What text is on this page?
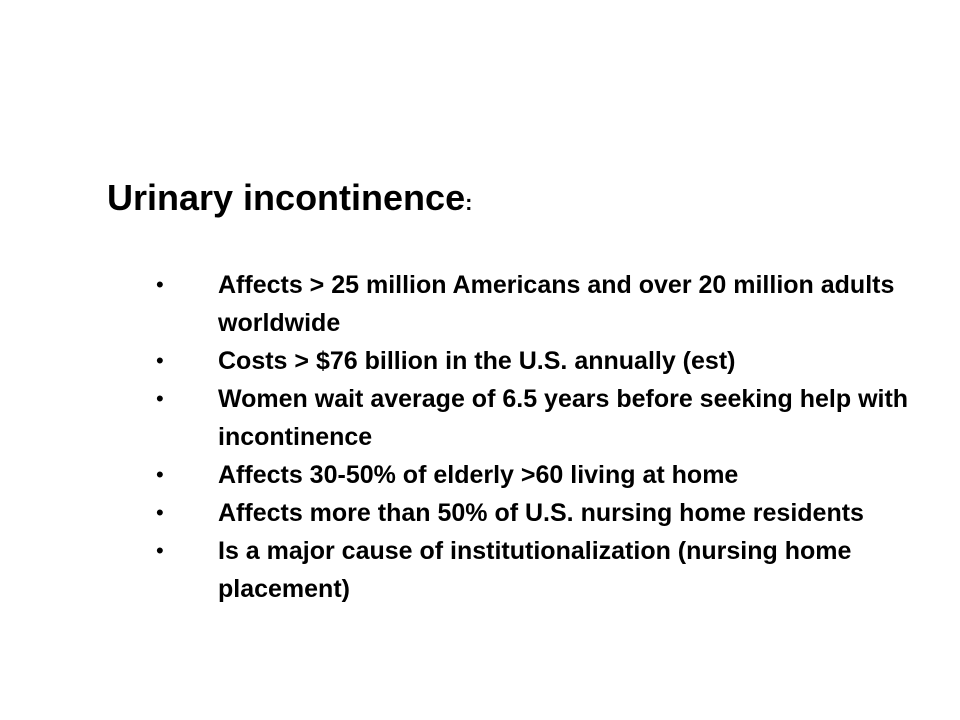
Urinary incontinence:
• Affects > 25 million Americans and over 20 million adults worldwide
• Costs > $76 billion in the U.S. annually (est)
• Women wait average of 6.5 years before seeking help with incontinence
• Affects 30-50% of elderly >60 living at home
• Affects more than 50% of U.S. nursing home residents
• Is a major cause of institutionalization (nursing home placement)
